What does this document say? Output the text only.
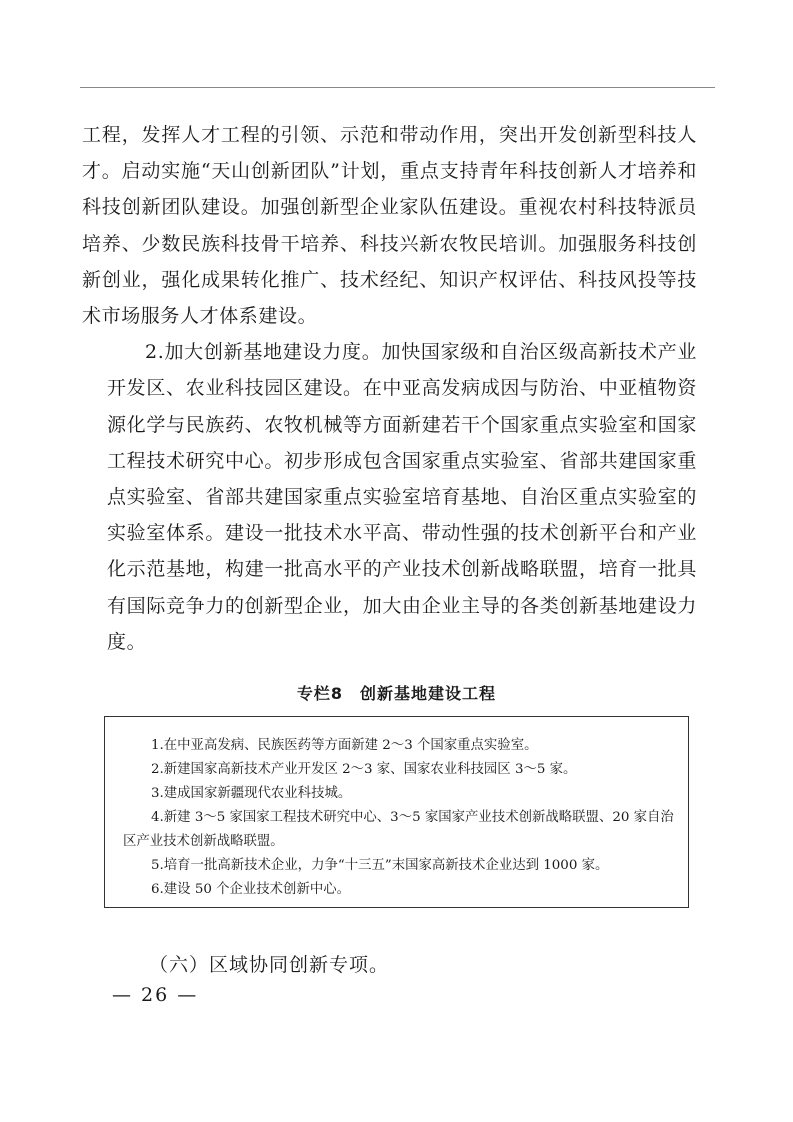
工程，发挥人才工程的引领、示范和带动作用，突出开发创新型科技人才。启动实施“天山创新团队”计划，重点支持青年科技创新人才培养和科技创新团队建设。加强创新型企业家队伍建设。重视农村科技特派员培养、少数民族科技骨干培养、科技兴新农牧民培训。加强服务科技创新创业，强化成果转化推广、技术经纪、知识产权评估、科技风投等技术市场服务人才体系建设。

2.加大创新基地建设力度。加快国家级和自治区级高新技术产业开发区、农业科技园区建设。在中亚高发病成因与防治、中亚植物资源化学与民族药、农牧机械等方面新建若干个国家重点实验室和国家工程技术研究中心。初步形成包含国家重点实验室、省部共建国家重点实验室、省部共建国家重点实验室培育基地、自治区重点实验室的实验室体系。建设一批技术水平高、带动性强的技术创新平台和产业化示范基地，构建一批高水平的产业技术创新战略联盟，培育一批具有国际竞争力的创新型企业，加大由企业主导的各类创新基地建设力度。

专栏8　创新基地建设工程

1.在中亚高发病、民族医药等方面新建 2～3 个国家重点实验室。

2.新建国家高新技术产业开发区 2～3 家、国家农业科技园区 3～5 家。

3.建成国家新疆现代农业科技城。

4.新建 3～5 家国家工程技术研究中心、3～5 家国家产业技术创新战略联盟、20 家自治区产业技术创新战略联盟。

5.培育一批高新技术企业，力争“十三五”末国家高新技术企业达到 1000 家。

6.建设 50 个企业技术创新中心。

（六）区域协同创新专项。
— 26 —
